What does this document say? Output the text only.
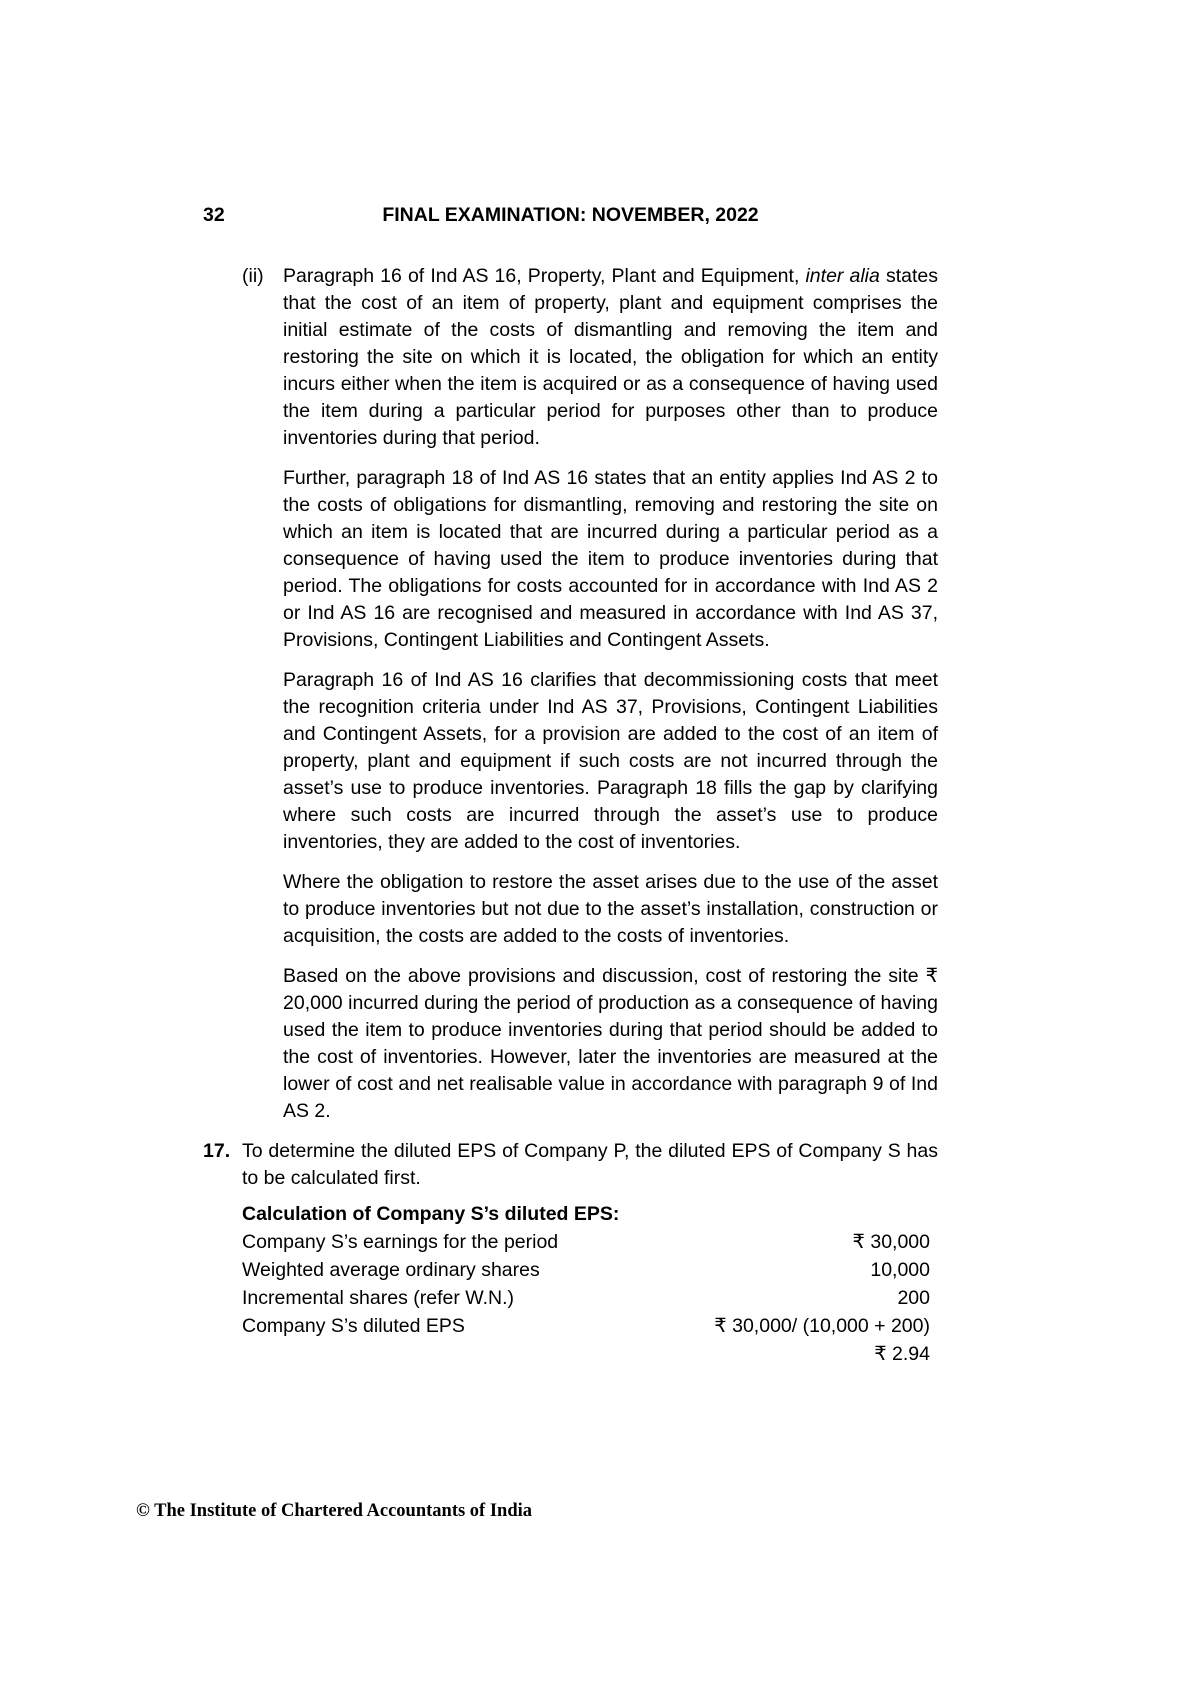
32	FINAL EXAMINATION: NOVEMBER, 2022
(ii) Paragraph 16 of Ind AS 16, Property, Plant and Equipment, inter alia states that the cost of an item of property, plant and equipment comprises the initial estimate of the costs of dismantling and removing the item and restoring the site on which it is located, the obligation for which an entity incurs either when the item is acquired or as a consequence of having used the item during a particular period for purposes other than to produce inventories during that period.

Further, paragraph 18 of Ind AS 16 states that an entity applies Ind AS 2 to the costs of obligations for dismantling, removing and restoring the site on which an item is located that are incurred during a particular period as a consequence of having used the item to produce inventories during that period. The obligations for costs accounted for in accordance with Ind AS 2 or Ind AS 16 are recognised and measured in accordance with Ind AS 37, Provisions, Contingent Liabilities and Contingent Assets.

Paragraph 16 of Ind AS 16 clarifies that decommissioning costs that meet the recognition criteria under Ind AS 37, Provisions, Contingent Liabilities and Contingent Assets, for a provision are added to the cost of an item of property, plant and equipment if such costs are not incurred through the asset’s use to produce inventories. Paragraph 18 fills the gap by clarifying where such costs are incurred through the asset’s use to produce inventories, they are added to the cost of inventories.

Where the obligation to restore the asset arises due to the use of the asset to produce inventories but not due to the asset’s installation, construction or acquisition, the costs are added to the costs of inventories.

Based on the above provisions and discussion, cost of restoring the site ₹ 20,000 incurred during the period of production as a consequence of having used the item to produce inventories during that period should be added to the cost of inventories. However, later the inventories are measured at the lower of cost and net realisable value in accordance with paragraph 9 of Ind AS 2.

17. To determine the diluted EPS of Company P, the diluted EPS of Company S has to be calculated first.

Calculation of Company S’s diluted EPS:
Company S’s earnings for the period	₹ 30,000
Weighted average ordinary shares	10,000
Incremental shares (refer W.N.)	200
Company S’s diluted EPS	₹ 30,000/ (10,000 + 200)
₹ 2.94
© The Institute of Chartered Accountants of India
